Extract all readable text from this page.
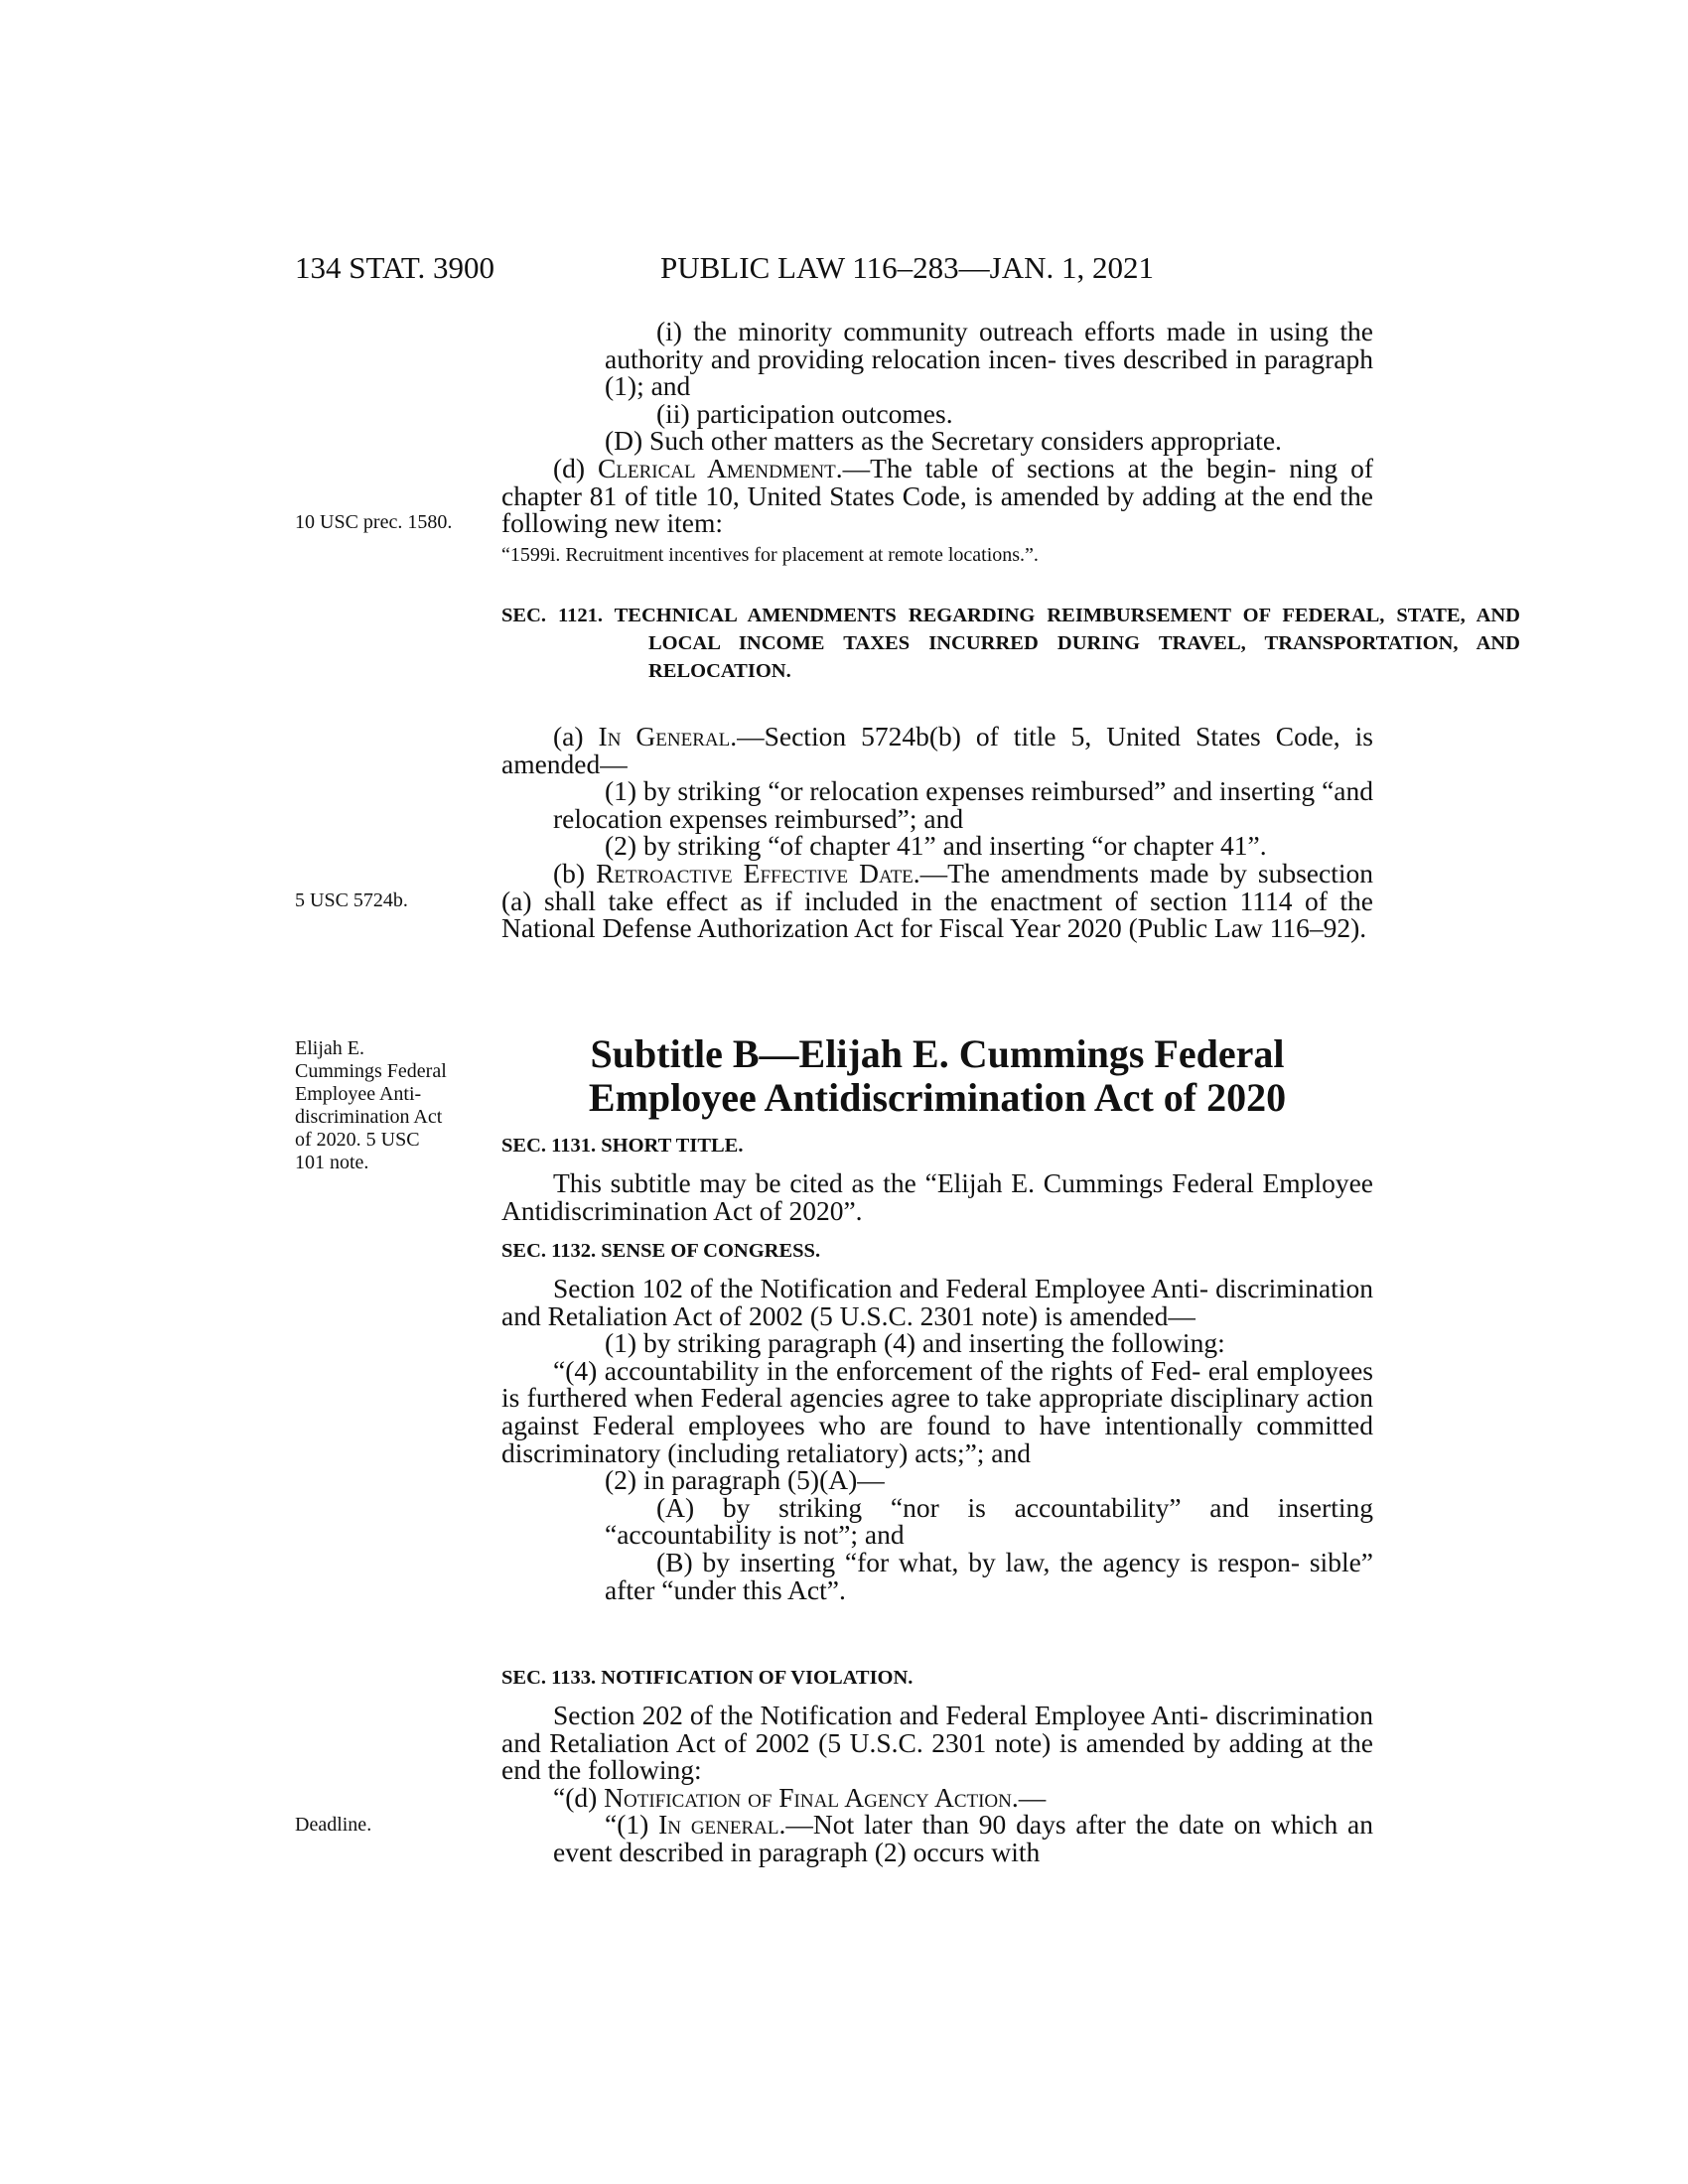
134 STAT. 3900	PUBLIC LAW 116–283—JAN. 1, 2021
10 USC prec. 1580.
5 USC 5724b.
Elijah E. Cummings Federal Employee Anti- discrimination Act of 2020. 5 USC 101 note.
Deadline.

(i) the minority community outreach efforts made in using the authority and providing relocation incen- tives described in paragraph (1); and

(ii) participation outcomes.

(D) Such other matters as the Secretary considers appropriate.

(d) Clerical Amendment.—The table of sections at the begin- ning of chapter 81 of title 10, United States Code, is amended by adding at the end the following new item:

“1599i. Recruitment incentives for placement at remote locations.”.

SEC. 1121. TECHNICAL AMENDMENTS REGARDING REIMBURSEMENT OF FEDERAL, STATE, AND LOCAL INCOME TAXES INCURRED DURING TRAVEL, TRANSPORTATION, AND RELOCATION.

(a) In General.—Section 5724b(b) of title 5, United States Code, is amended—

(1) by striking “or relocation expenses reimbursed” and inserting “and relocation expenses reimbursed”; and

(2) by striking “of chapter 41” and inserting “or chapter 41”.

(b) Retroactive Effective Date.—The amendments made by subsection (a) shall take effect as if included in the enactment of section 1114 of the National Defense Authorization Act for Fiscal Year 2020 (Public Law 116–92).

Subtitle B—Elijah E. Cummings Federal
Employee Antidiscrimination Act of 2020
SEC. 1131. SHORT TITLE.

This subtitle may be cited as the “Elijah E. Cummings Federal Employee Antidiscrimination Act of 2020”.

SEC. 1132. SENSE OF CONGRESS.

Section 102 of the Notification and Federal Employee Anti- discrimination and Retaliation Act of 2002 (5 U.S.C. 2301 note) is amended—

(1) by striking paragraph (4) and inserting the following:

“(4) accountability in the enforcement of the rights of Fed- eral employees is furthered when Federal agencies agree to take appropriate disciplinary action against Federal employees who are found to have intentionally committed discriminatory (including retaliatory) acts;”; and

(2) in paragraph (5)(A)—

(A) by striking “nor is accountability” and inserting “accountability is not”; and

(B) by inserting “for what, by law, the agency is respon- sible” after “under this Act”.

SEC. 1133. NOTIFICATION OF VIOLATION.

Section 202 of the Notification and Federal Employee Anti- discrimination and Retaliation Act of 2002 (5 U.S.C. 2301 note) is amended by adding at the end the following:

“(d) Notification of Final Agency Action.—

“(1) In general.—Not later than 90 days after the date on which an event described in paragraph (2) occurs with
